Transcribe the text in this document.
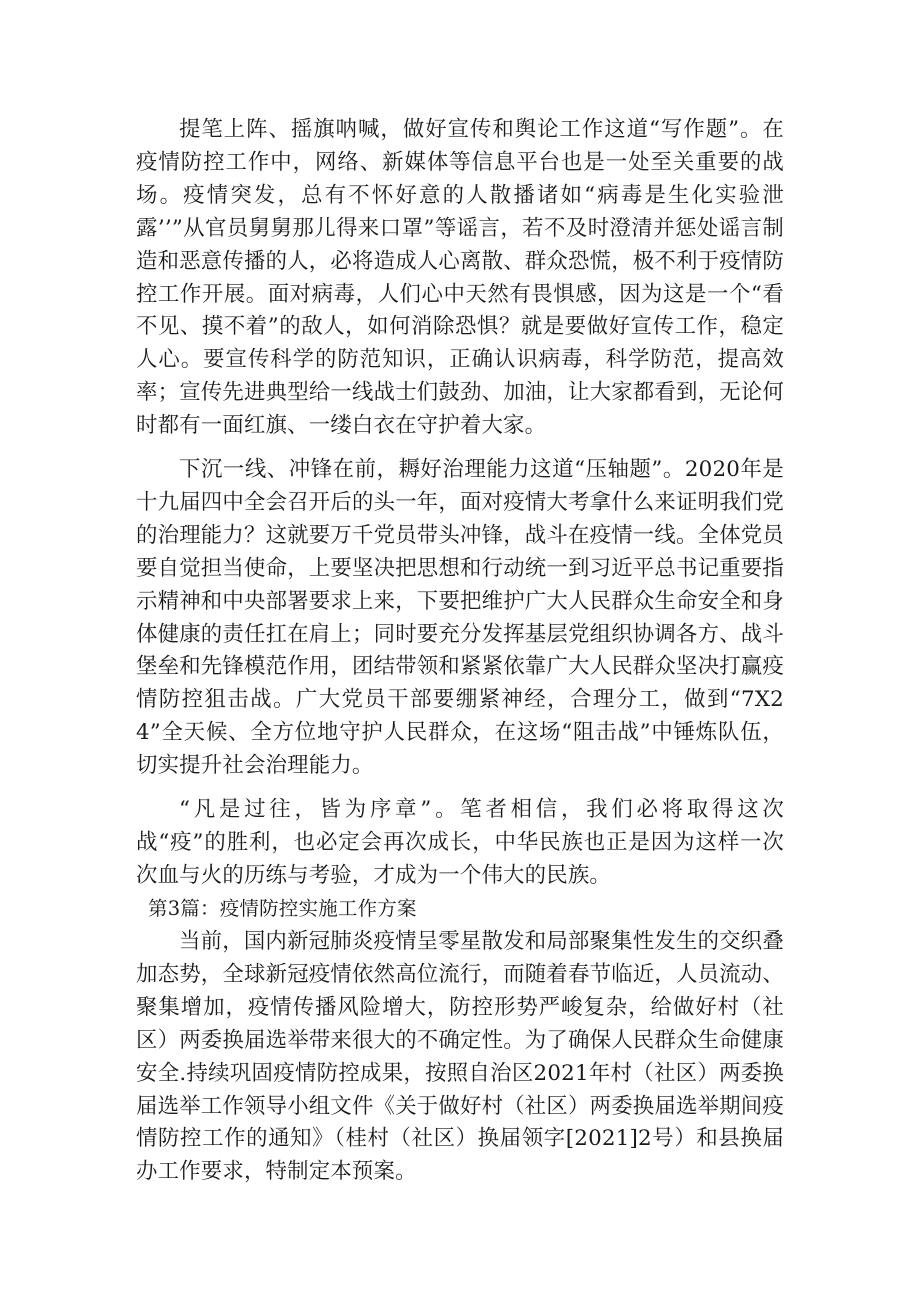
提笔上阵、摇旗呐喊，做好宣传和舆论工作这道“写作题”。在疫情防控工作中，网络、新媒体等信息平台也是一处至关重要的战场。疫情突发，总有不怀好意的人散播诸如“病毒是生化实验泄露’’”从官员舅舅那儿得来口罩”等谣言，若不及时澄清并惩处谣言制造和恶意传播的人，必将造成人心离散、群众恐慌，极不利于疫情防控工作开展。面对病毒，人们心中天然有畏惧感，因为这是一个“看不见、摸不着”的敌人，如何消除恐惧？就是要做好宣传工作，稳定人心。要宣传科学的防范知识，正确认识病毒，科学防范，提高效率；宣传先进典型给一线战士们鼓劲、加油，让大家都看到，无论何时都有一面红旗、一缕白衣在守护着大家。

下沉一线、冲锋在前，耨好治理能力这道“压轴题”。2020年是十九届四中全会召开后的头一年，面对疫情大考拿什么来证明我们党的治理能力？这就要万千党员带头冲锋，战斗在疫情一线。全体党员要自觉担当使命，上要坚决把思想和行动统一到习近平总书记重要指示精神和中央部署要求上来，下要把维护广大人民群众生命安全和身体健康的责任扛在肩上；同时要充分发挥基层党组织协调各方、战斗堡垒和先锋模范作用，团结带领和紧紧依靠广大人民群众坚决打赢疫情防控狙击战。广大党员干部要绷紧神经，合理分工，做到“7X24”全天候、全方位地守护人民群众，在这场“阻击战”中锤炼队伍，切实提升社会治理能力。

“凡是过往，皆为序章”。笔者相信，我们必将取得这次战“疫”的胜利，也必定会再次成长，中华民族也正是因为这样一次次血与火的历练与考验，才成为一个伟大的民族。

第3篇：疫情防控实施工作方案

当前，国内新冠肺炎疫情呈零星散发和局部聚集性发生的交织叠加态势，全球新冠疫情依然高位流行，而随着春节临近，人员流动、聚集增加，疫情传播风险增大，防控形势严峻复杂，给做好村（社区）两委换届选举带来很大的不确定性。为了确保人民群众生命健康安全.持续巩固疫情防控成果，按照自治区2021年村（社区）两委换届选举工作领导小组文件《关于做好村（社区）两委换届选举期间疫情防控工作的通知》（桂村（社区）换届领字[2021]2号）和县换届办工作要求，特制定本预案。
